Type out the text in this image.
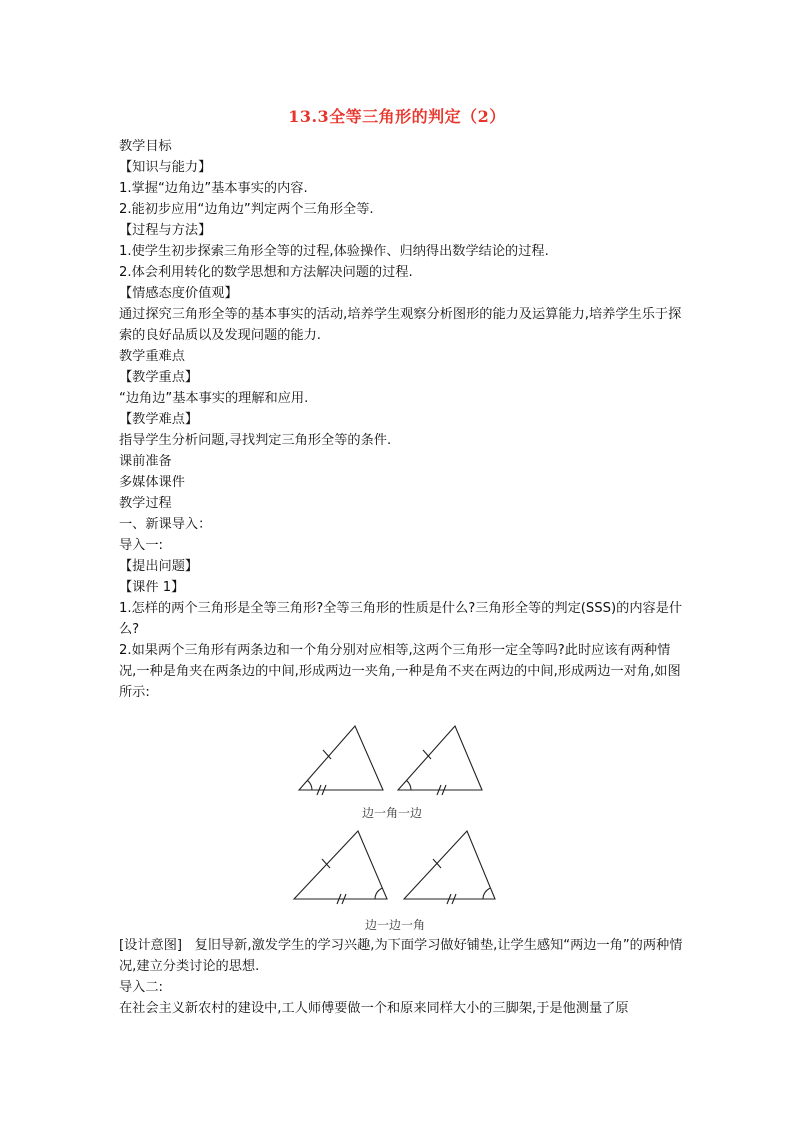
13.3全等三角形的判定（2）

教学目标

【知识与能力】

1.掌握“边角边”基本事实的内容.

2.能初步应用“边角边”判定两个三角形全等.

【过程与方法】

1.使学生初步探索三角形全等的过程,体验操作、归纳得出数学结论的过程.

2.体会利用转化的数学思想和方法解决问题的过程.

【情感态度价值观】

通过探究三角形全等的基本事实的活动,培养学生观察分析图形的能力及运算能力,培养学生乐于探索的良好品质以及发现问题的能力.

教学重难点

【教学重点】

“边角边”基本事实的理解和应用.

【教学难点】

指导学生分析问题,寻找判定三角形全等的条件.

课前准备

多媒体课件

教学过程

一、新课导入：

导入一:

【提出问题】

【课件 1】

1.怎样的两个三角形是全等三角形?全等三角形的性质是什么?三角形全等的判定(SSS)的内容是什么?

2.如果两个三角形有两条边和一个角分别对应相等,这两个三角形一定全等吗?此时应该有两种情况,一种是角夹在两条边的中间,形成两边一夹角,一种是角不夹在两边的中间,形成两边一对角,如图所示:

边一角一边
边一边一角

[设计意图] 复旧导新,激发学生的学习兴趣,为下面学习做好铺垫,让学生感知“两边一角”的两种情况,建立分类讨论的思想.

导入二:

在社会主义新农村的建设中,工人师傅要做一个和原来同样大小的三脚架,于是他测量了原
